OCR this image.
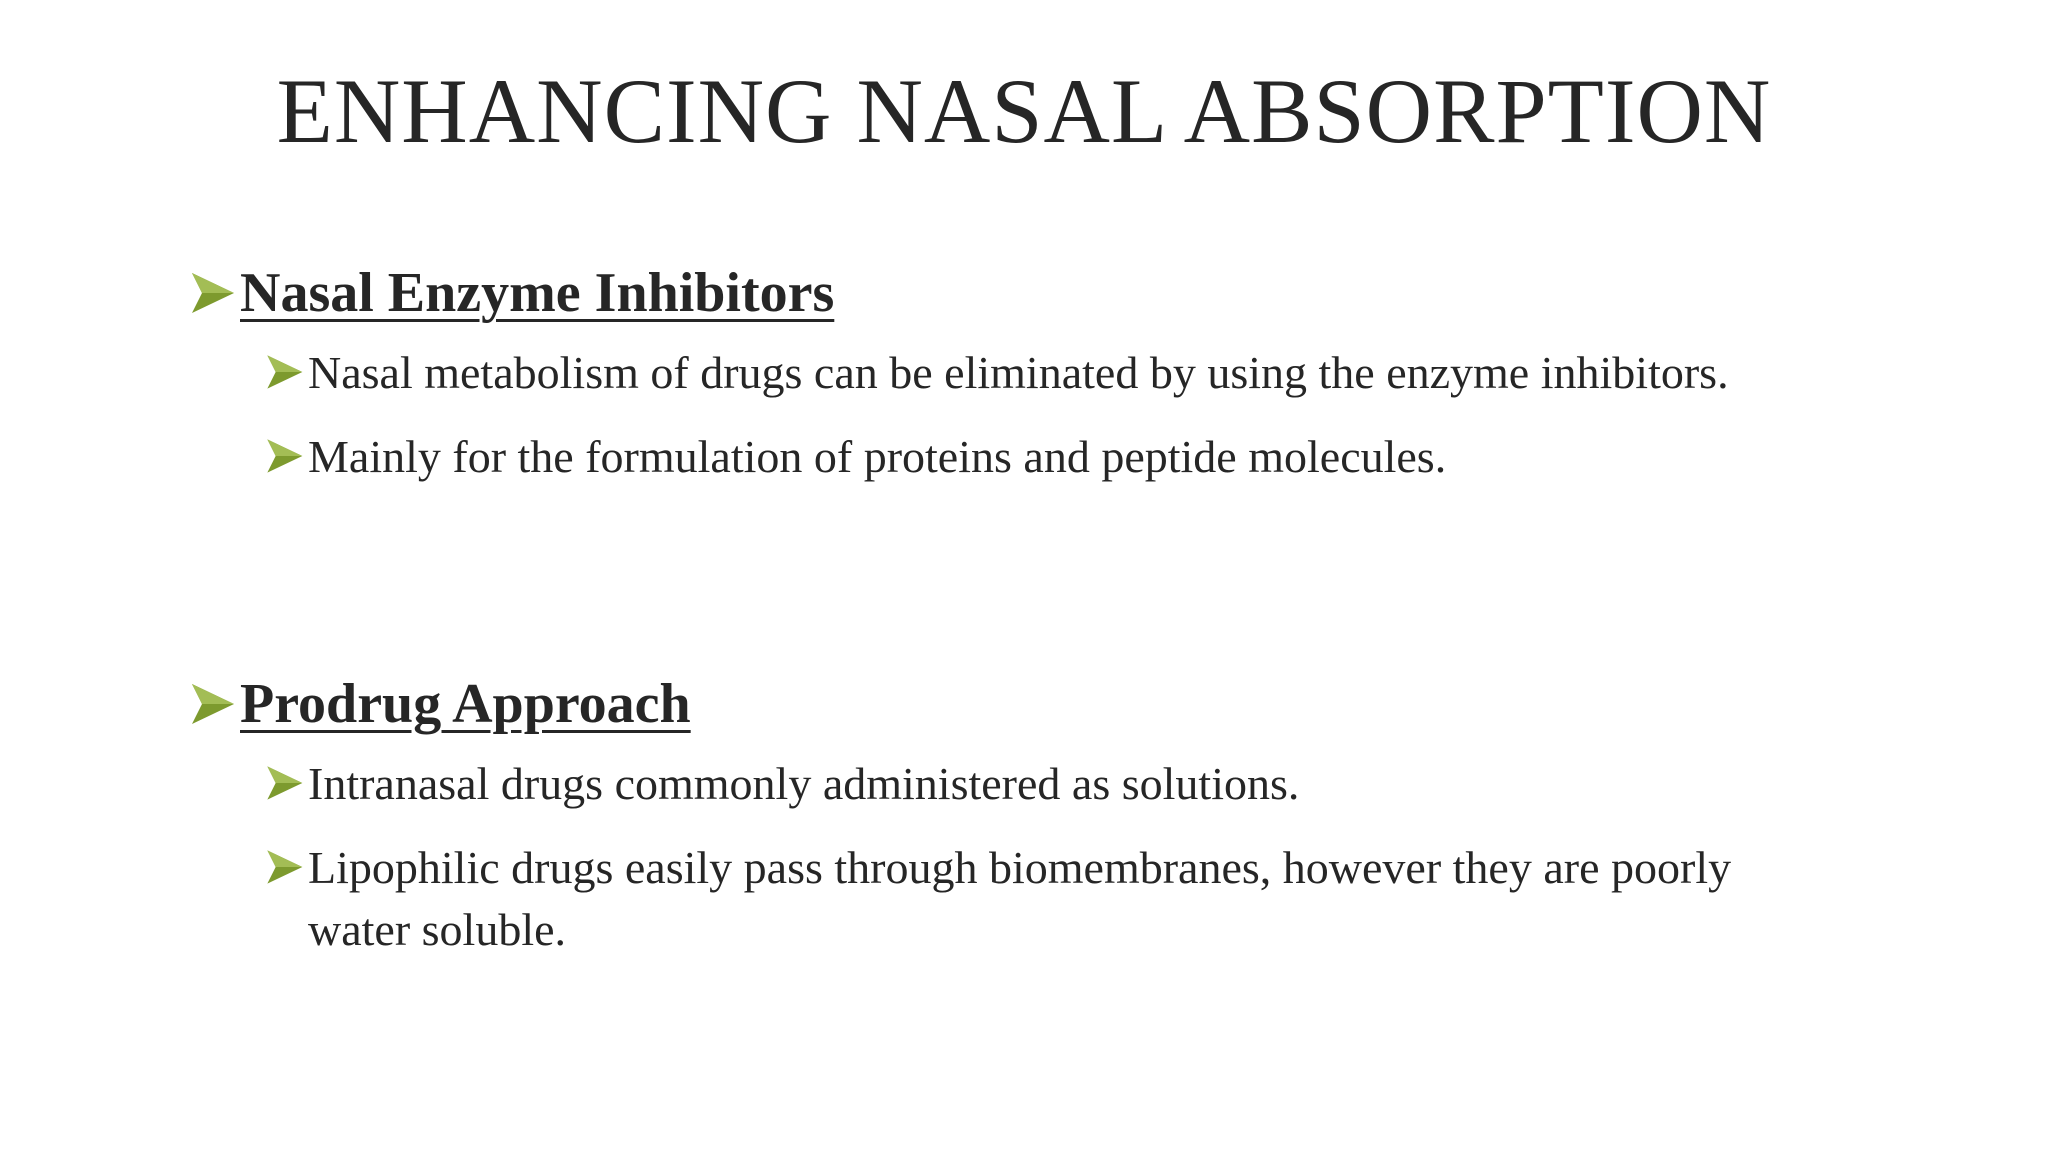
ENHANCING NASAL ABSORPTION
Nasal Enzyme Inhibitors
Nasal metabolism of drugs can be eliminated by using the enzyme inhibitors.
Mainly for the formulation of proteins and peptide molecules.
Prodrug Approach
Intranasal drugs commonly administered as solutions.
Lipophilic drugs easily pass through biomembranes, however they are poorly water soluble.
